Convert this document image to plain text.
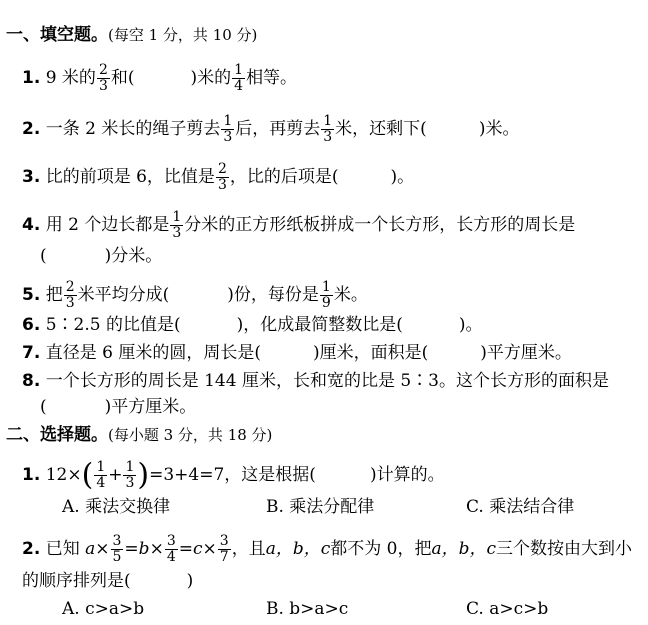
一、填空题。(每空 1 分，共 10 分)
1. 9 米的 $\frac{2}{3}$ 和(	)米的 $\frac{1}{4}$ 相等。
2. 一条 2 米长的绳子剪去 $\frac{1}{3}$ 后，再剪去 $\frac{1}{3}$ 米，还剩下(	)米。
3. 比的前项是 6，比值是 $\frac{2}{3}$ ，比的后项是(	)。
4. 用 2 个边长都是 $\frac{1}{3}$ 分米的正方形纸板拼成一个长方形，长方形的周长是
(	)分米。
5. 把 $\frac{2}{3}$ 米平均分成(	)份，每份是 $\frac{1}{9}$ 米。
6. 5∶2.5 的比值是(	)，化成最简整数比是(	)。
7. 直径是 6 厘米的圆，周长是(	)厘米，面积是(	)平方厘米。
8. 一个长方形的周长是 144 厘米，长和宽的比是 5∶3。这个长方形的面积是
(	)平方厘米。
二、选择题。(每小题 3 分，共 18 分)
1. $12\times( \frac{1}{4} + \frac{1}{3} )=3+4=7$，这是根据(	)计算的。
A. 乘法交换律	B. 乘法分配律	C. 乘法结合律
2. 已知 $a\times \frac{3}{5} =b\times \frac{3}{4} =c\times \frac{3}{7}$ ，且a，b，c都不为 0，把a，b，c三个数按由大到小
的顺序排列是(	)
A. c>a>b	B. b>a>c	C. a>c>b
